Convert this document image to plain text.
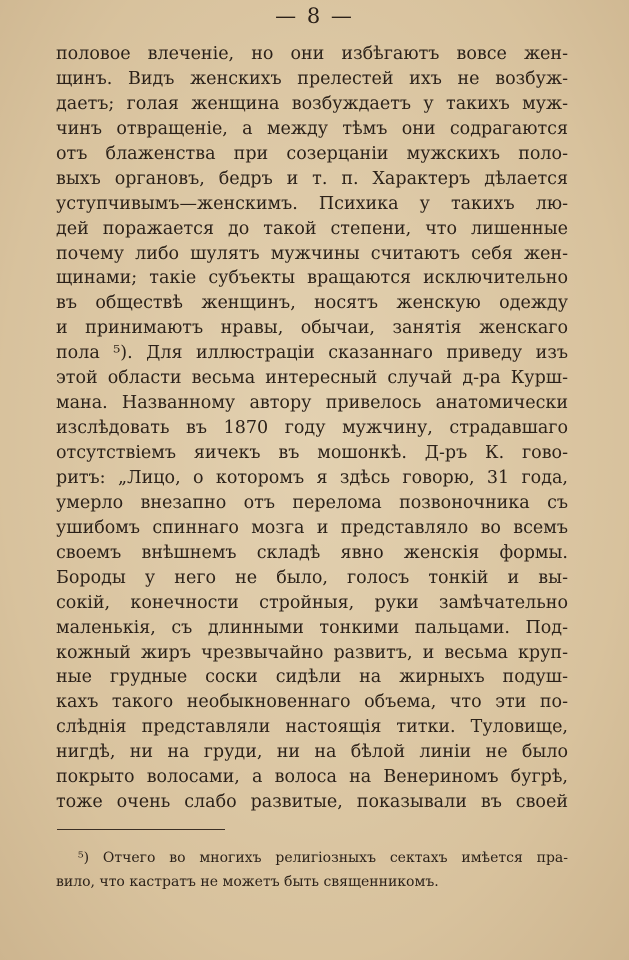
— 8 —
половое влеченіе, но они избѣгаютъ вовсе жен-
щинъ. Видъ женскихъ прелестей ихъ не возбуж-
даетъ; голая женщина возбуждаетъ у такихъ муж-
чинъ отвращеніе, а между тѣмъ они содрагаются
отъ блаженства при созерцаніи мужскихъ поло-
выхъ органовъ, бедръ и т. п. Характеръ дѣлается
уступчивымъ—женскимъ. Психика у такихъ лю-
дей поражается до такой степени, что лишенные
почему либо шулятъ мужчины считаютъ себя жен-
щинами; такіе субъекты вращаются исключительно
въ обществѣ женщинъ, носятъ женскую одежду
и принимаютъ нравы, обычаи, занятія женскаго
пола ⁵). Для иллюстраціи сказаннаго приведу изъ
этой области весьма интересный случай д-ра Курш-
мана. Названному автору привелось анатомически
изслѣдовать въ 1870 году мужчину, страдавшаго
отсутствіемъ яичекъ въ мошонкѣ. Д-ръ К. гово-
ритъ: „Лицо, о которомъ я здѣсь говорю, 31 года,
умерло внезапно отъ перелома позвоночника съ
ушибомъ спиннаго мозга и представляло во всемъ
своемъ внѣшнемъ складѣ явно женскія формы.
Бороды у него не было, голосъ тонкій и вы-
сокій, конечности стройныя, руки замѣчательно
маленькія, съ длинными тонкими пальцами. Под-
кожный жиръ чрезвычайно развитъ, и весьма круп-
ные грудные соски сидѣли на жирныхъ подуш-
кахъ такого необыкновеннаго объема, что эти по-
слѣднія представляли настоящія титки. Туловище,
нигдѣ, ни на груди, ни на бѣлой линіи не было
покрыто волосами, а волоса на Венериномъ бугрѣ,
тоже очень слабо развитые, показывали въ своей
⁵) Отчего во многихъ религіозныхъ сектахъ имѣется пра-
вило, что кастратъ не можетъ быть священникомъ.
